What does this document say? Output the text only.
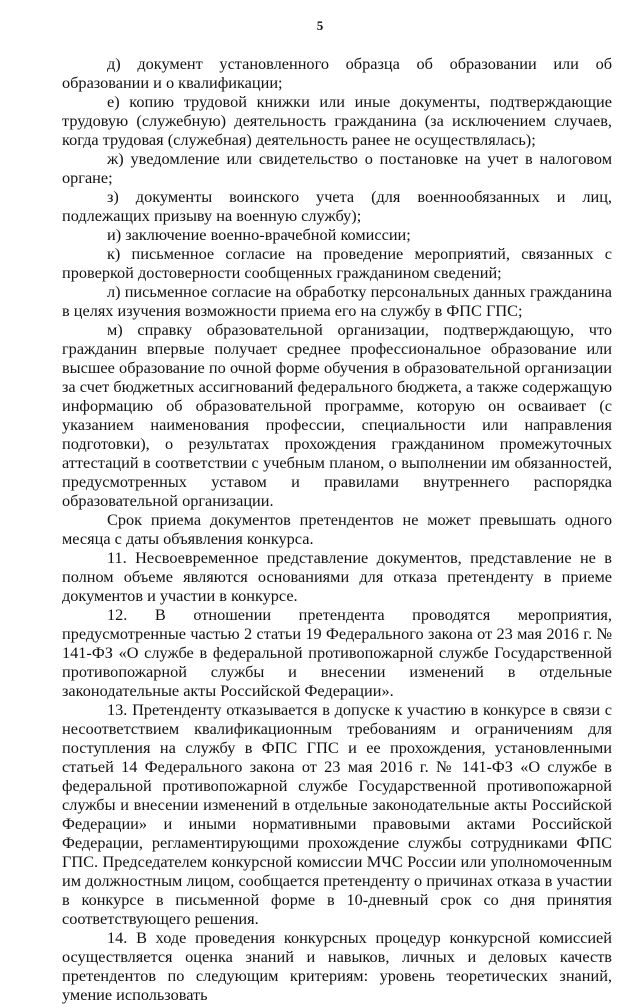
5

д) документ установленного образца об образовании или об образовании и о квалификации;

е) копию трудовой книжки или иные документы, подтверждающие трудовую (служебную) деятельность гражданина (за исключением случаев, когда трудовая (служебная) деятельность ранее не осуществлялась);

ж) уведомление или свидетельство о постановке на учет в налоговом органе;

з) документы воинского учета (для военнообязанных и лиц, подлежащих призыву на военную службу);

и) заключение военно-врачебной комиссии;

к) письменное согласие на проведение мероприятий, связанных с проверкой достоверности сообщенных гражданином сведений;

л) письменное согласие на обработку персональных данных гражданина в целях изучения возможности приема его на службу в ФПС ГПС;

м) справку образовательной организации, подтверждающую, что гражданин впервые получает среднее профессиональное образование или высшее образование по очной форме обучения в образовательной организации за счет бюджетных ассигнований федерального бюджета, а также содержащую информацию об образовательной программе, которую он осваивает (с указанием наименования профессии, специальности или направления подготовки), о результатах прохождения гражданином промежуточных аттестаций в соответствии с учебным планом, о выполнении им обязанностей, предусмотренных уставом и правилами внутреннего распорядка образовательной организации.

Срок приема документов претендентов не может превышать одного месяца с даты объявления конкурса.

11. Несвоевременное представление документов, представление не в полном объеме являются основаниями для отказа претенденту в приеме документов и участии в конкурсе.

12. В отношении претендента проводятся мероприятия, предусмотренные частью 2 статьи 19 Федерального закона от 23 мая 2016 г. № 141-ФЗ «О службе в федеральной противопожарной службе Государственной противопожарной службы и внесении изменений в отдельные законодательные акты Российской Федерации».

13. Претенденту отказывается в допуске к участию в конкурсе в связи с несоответствием квалификационным требованиям и ограничениям для поступления на службу в ФПС ГПС и ее прохождения, установленными статьей 14 Федерального закона от 23 мая 2016 г. № 141-ФЗ «О службе в федеральной противопожарной службе Государственной противопожарной службы и внесении изменений в отдельные законодательные акты Российской Федерации» и иными нормативными правовыми актами Российской Федерации, регламентирующими прохождение службы сотрудниками ФПС ГПС. Председателем конкурсной комиссии МЧС России или уполномоченным им должностным лицом, сообщается претенденту о причинах отказа в участии в конкурсе в письменной форме в 10-дневный срок со дня принятия соответствующего решения.

14. В ходе проведения конкурсных процедур конкурсной комиссией осуществляется оценка знаний и навыков, личных и деловых качеств претендентов по следующим критериям: уровень теоретических знаний, умение использовать
